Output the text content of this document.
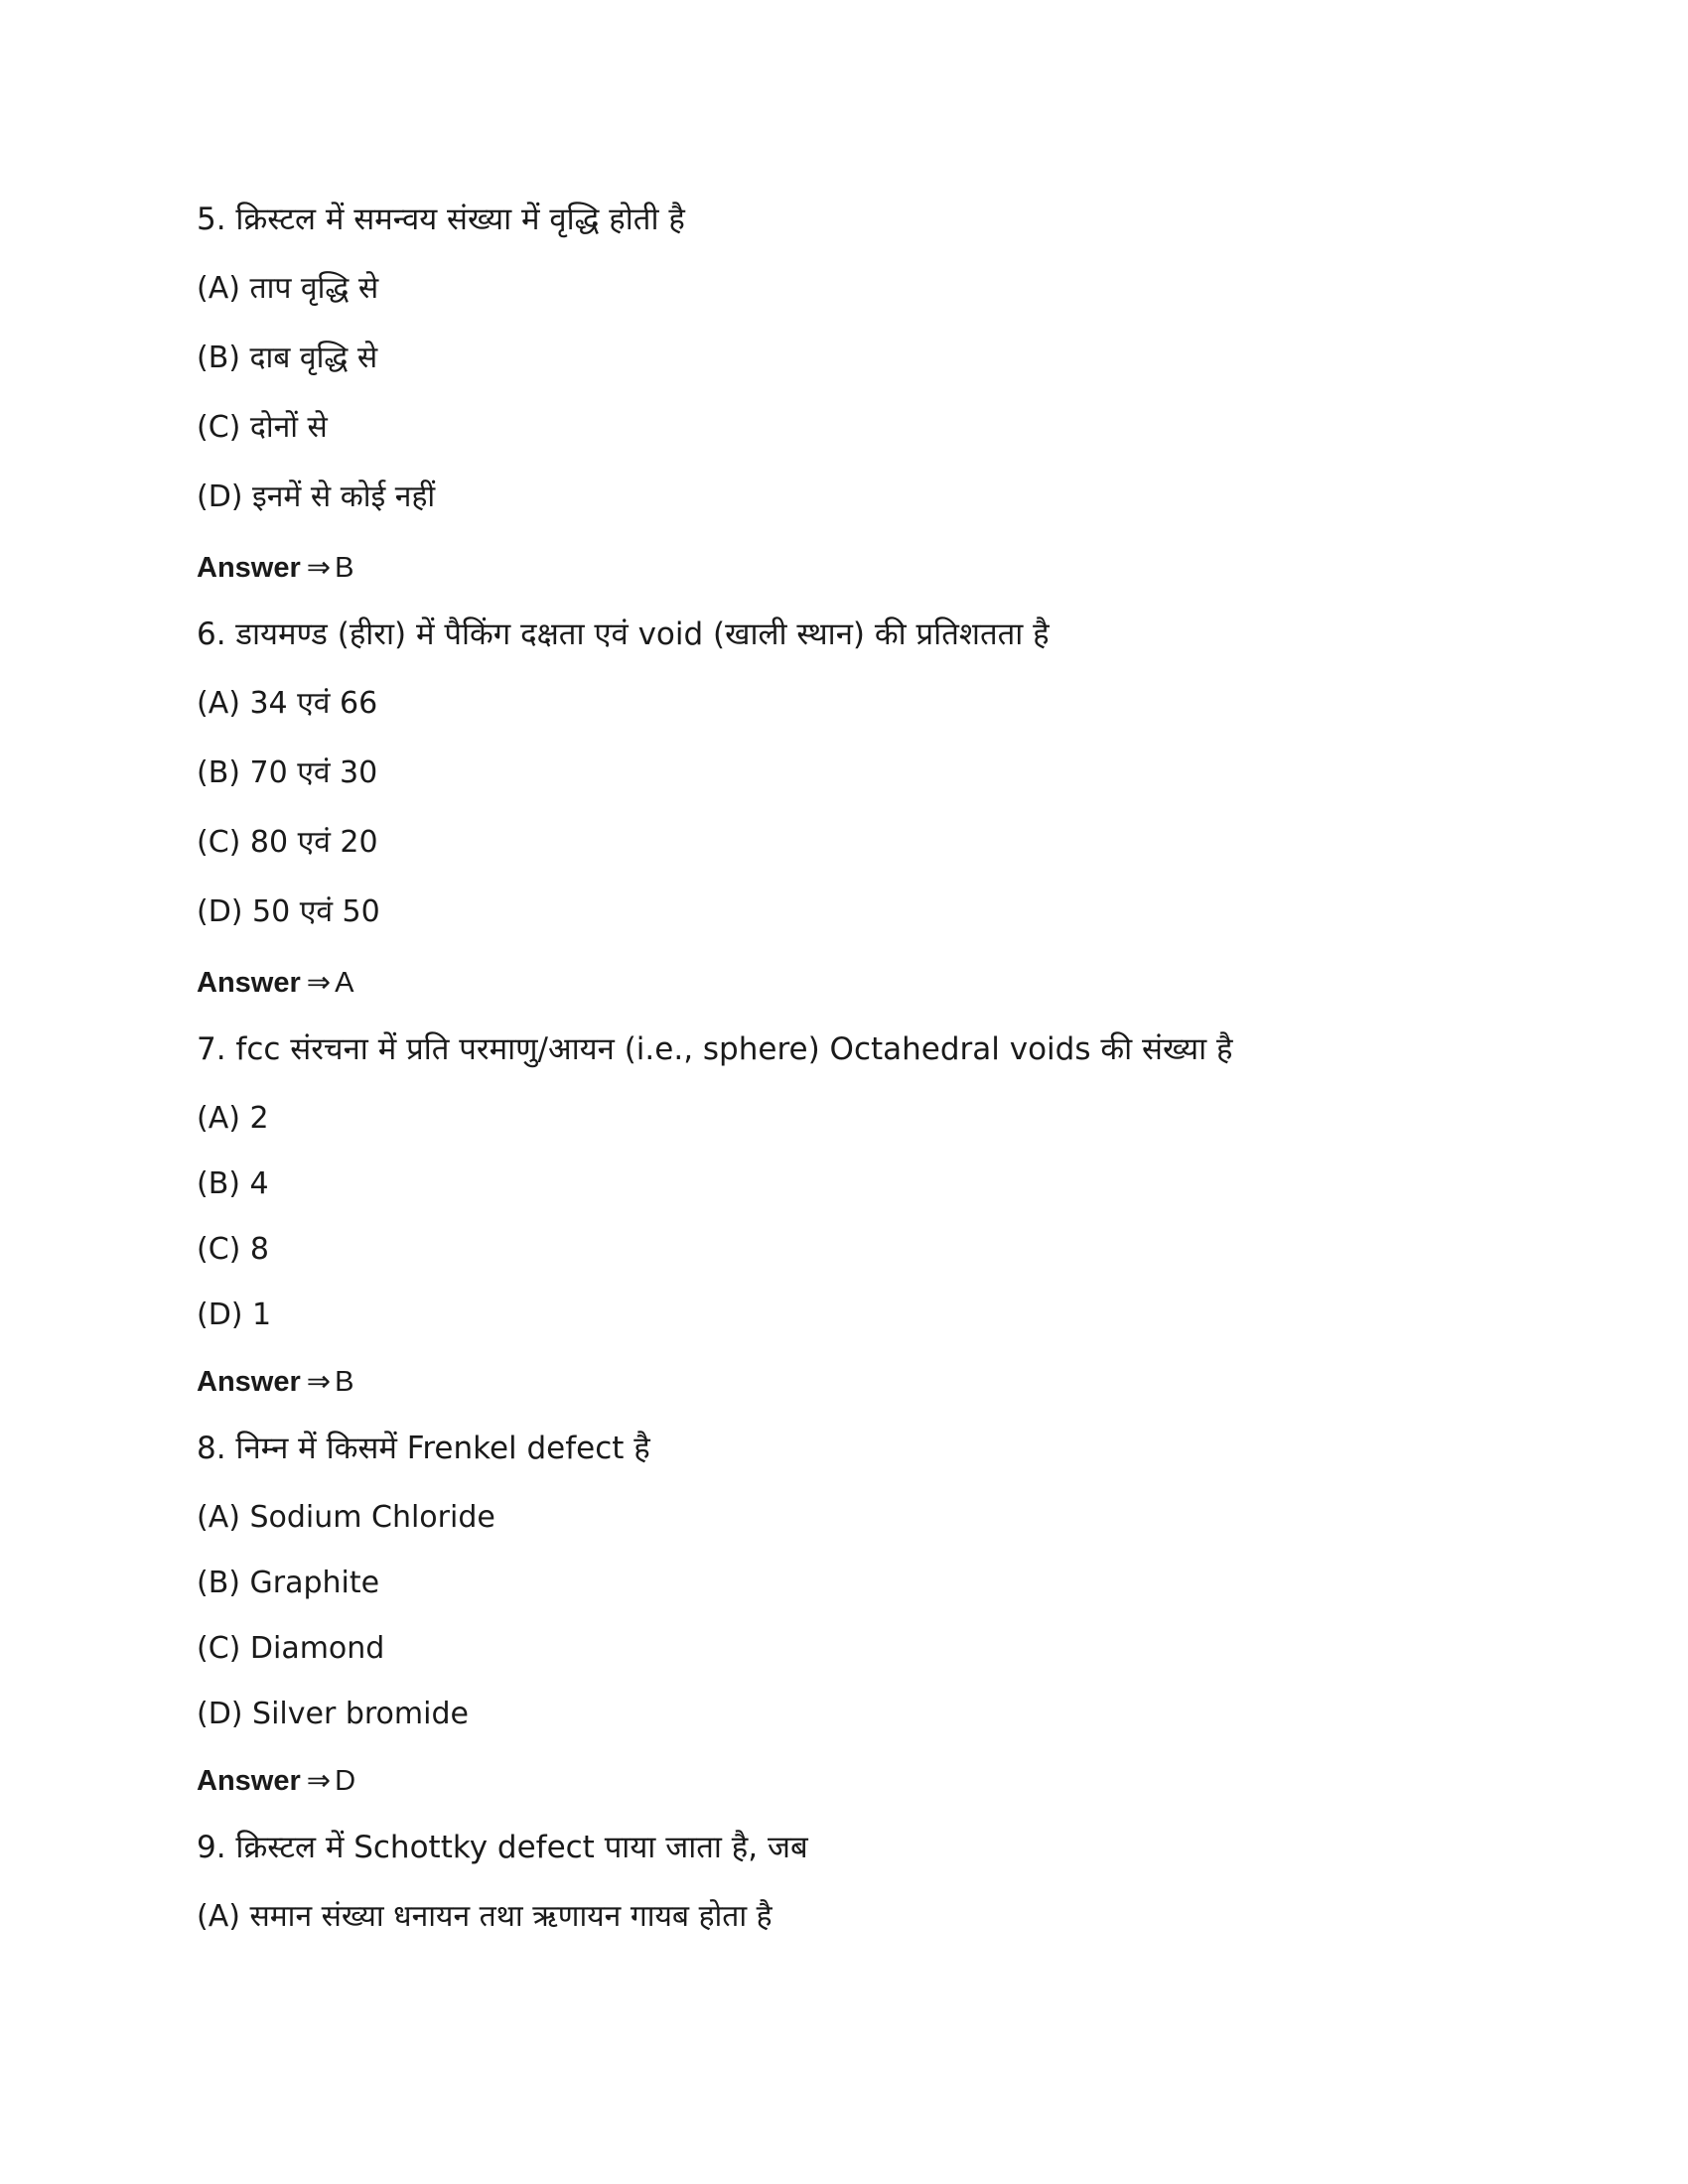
5. क्रिस्टल में समन्वय संख्या में वृद्धि होती है
(A) ताप वृद्धि से
(B) दाब वृद्धि से
(C) दोनों से
(D) इनमें से कोई नहीं
Answer ⇒ B
6. डायमण्ड (हीरा) में पैकिंग दक्षता एवं void (खाली स्थान) की प्रतिशतता है
(A) 34 एवं 66
(B) 70 एवं 30
(C) 80 एवं 20
(D) 50 एवं 50
Answer ⇒ A
7. fcc संरचना में प्रति परमाणु/आयन (i.e., sphere) Octahedral voids की संख्या है
(A) 2
(B) 4
(C) 8
(D) 1
Answer ⇒ B
8. निम्न में किसमें Frenkel defect है
(A) Sodium Chloride
(B) Graphite
(C) Diamond
(D) Silver bromide
Answer ⇒ D
9. क्रिस्टल में Schottky defect पाया जाता है, जब
(A) समान संख्या धनायन तथा ऋणायन गायब होता है
